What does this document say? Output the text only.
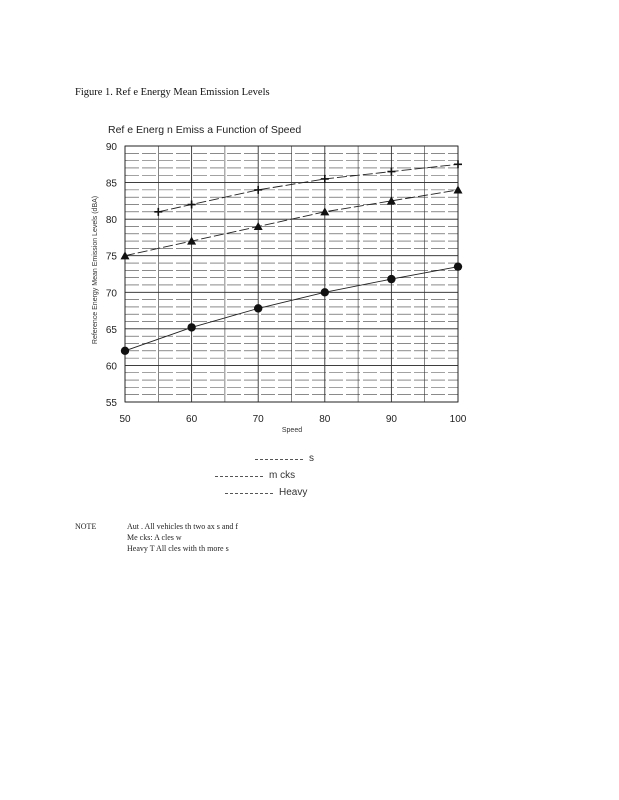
Figure 1. Ref e Energy Mean Emission Levels
Ref e Energ n Emiss a Function of Speed
55
60
65
70
75
80
85
90
50	60	70	80	90	100
Speed
Reference Energy Mean Emission Levels (dBA)
s
m cks
Heavy
NOTE	Aut . All vehicles th two ax s and f
Me cks: A cles w
Heavy T All cles with th more s
